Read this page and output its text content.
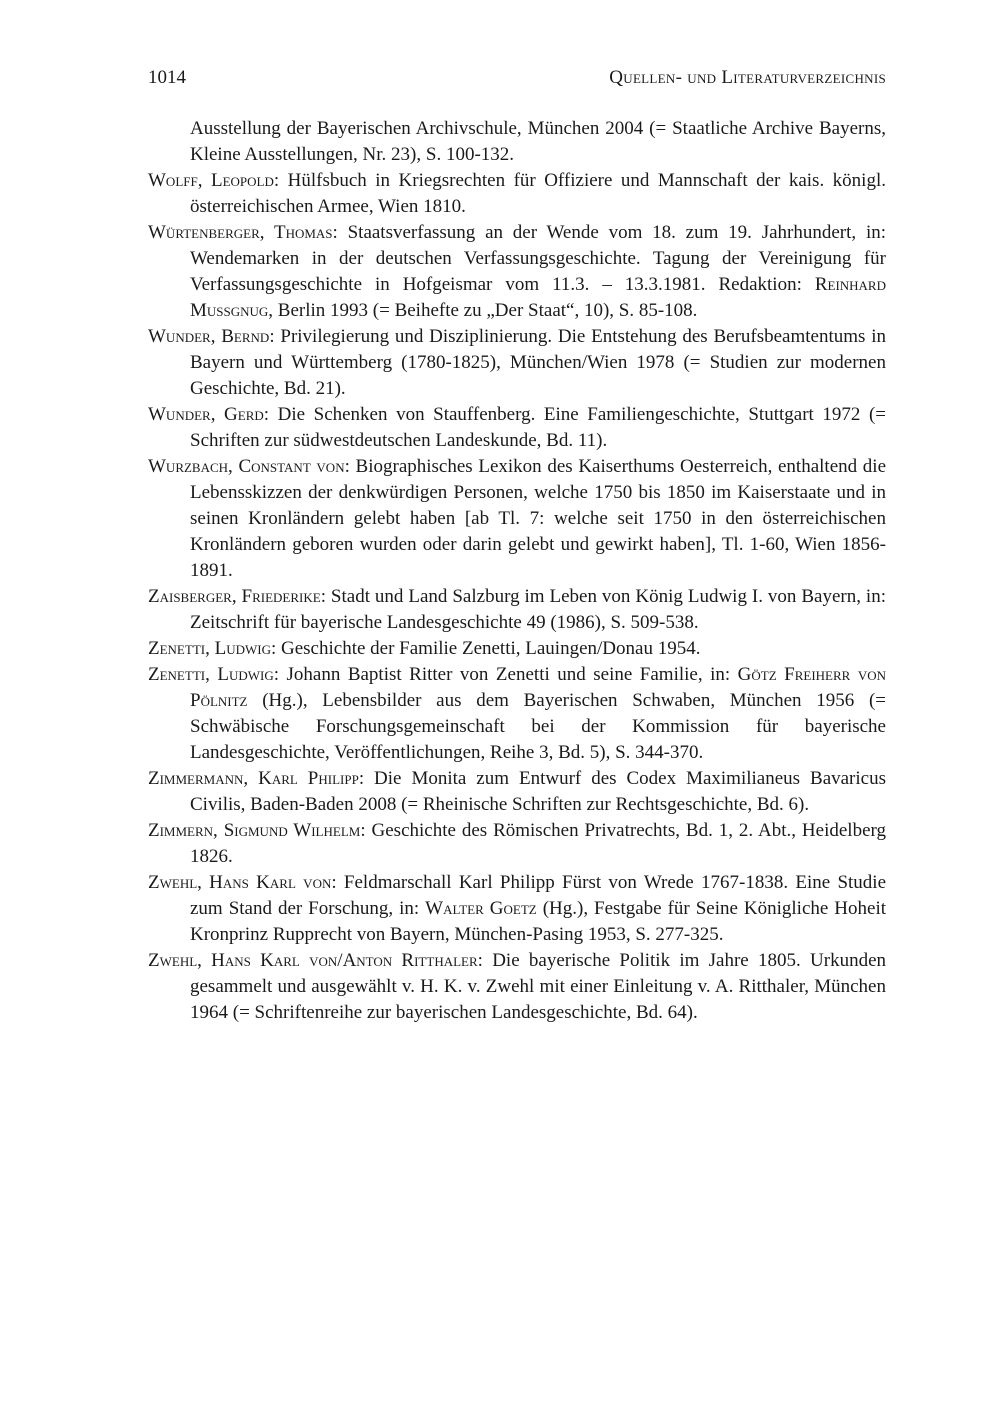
1014	Quellen- und Literaturverzeichnis
Ausstellung der Bayerischen Archivschule, München 2004 (= Staatliche Archive Bayerns, Kleine Ausstellungen, Nr. 23), S. 100-132.
Wolff, Leopold: Hülfsbuch in Kriegsrechten für Offiziere und Mannschaft der kais. königl. österreichischen Armee, Wien 1810.
Würtenberger, Thomas: Staatsverfassung an der Wende vom 18. zum 19. Jahrhundert, in: Wendemarken in der deutschen Verfassungsgeschichte. Tagung der Vereinigung für Verfassungsgeschichte in Hofgeismar vom 11.3. – 13.3.1981. Redaktion: Reinhard Mussgnug, Berlin 1993 (= Beihefte zu „Der Staat“, 10), S. 85-108.
Wunder, Bernd: Privilegierung und Disziplinierung. Die Entstehung des Berufsbeamtentums in Bayern und Württemberg (1780-1825), München/Wien 1978 (= Studien zur modernen Geschichte, Bd. 21).
Wunder, Gerd: Die Schenken von Stauffenberg. Eine Familiengeschichte, Stuttgart 1972 (= Schriften zur südwestdeutschen Landeskunde, Bd. 11).
Wurzbach, Constant von: Biographisches Lexikon des Kaiserthums Oesterreich, enthaltend die Lebensskizzen der denkwürdigen Personen, welche 1750 bis 1850 im Kaiserstaate und in seinen Kronländern gelebt haben [ab Tl. 7: welche seit 1750 in den österreichischen Kronländern geboren wurden oder darin gelebt und gewirkt haben], Tl. 1-60, Wien 1856-1891.
Zaisberger, Friederike: Stadt und Land Salzburg im Leben von König Ludwig I. von Bayern, in: Zeitschrift für bayerische Landesgeschichte 49 (1986), S. 509-538.
Zenetti, Ludwig: Geschichte der Familie Zenetti, Lauingen/Donau 1954.
Zenetti, Ludwig: Johann Baptist Ritter von Zenetti und seine Familie, in: Götz Freiherr von Pölnitz (Hg.), Lebensbilder aus dem Bayerischen Schwaben, München 1956 (= Schwäbische Forschungsgemeinschaft bei der Kommission für bayerische Landesgeschichte, Veröffentlichungen, Reihe 3, Bd. 5), S. 344-370.
Zimmermann, Karl Philipp: Die Monita zum Entwurf des Codex Maximilianeus Bavaricus Civilis, Baden-Baden 2008 (= Rheinische Schriften zur Rechtsgeschichte, Bd. 6).
Zimmern, Sigmund Wilhelm: Geschichte des Römischen Privatrechts, Bd. 1, 2. Abt., Heidelberg 1826.
Zwehl, Hans Karl von: Feldmarschall Karl Philipp Fürst von Wrede 1767-1838. Eine Studie zum Stand der Forschung, in: Walter Goetz (Hg.), Festgabe für Seine Königliche Hoheit Kronprinz Rupprecht von Bayern, München-Pasing 1953, S. 277-325.
Zwehl, Hans Karl von/Anton Ritthaler: Die bayerische Politik im Jahre 1805. Urkunden gesammelt und ausgewählt v. H. K. v. Zwehl mit einer Einleitung v. A. Ritthaler, München 1964 (= Schriftenreihe zur bayerischen Landesgeschichte, Bd. 64).
